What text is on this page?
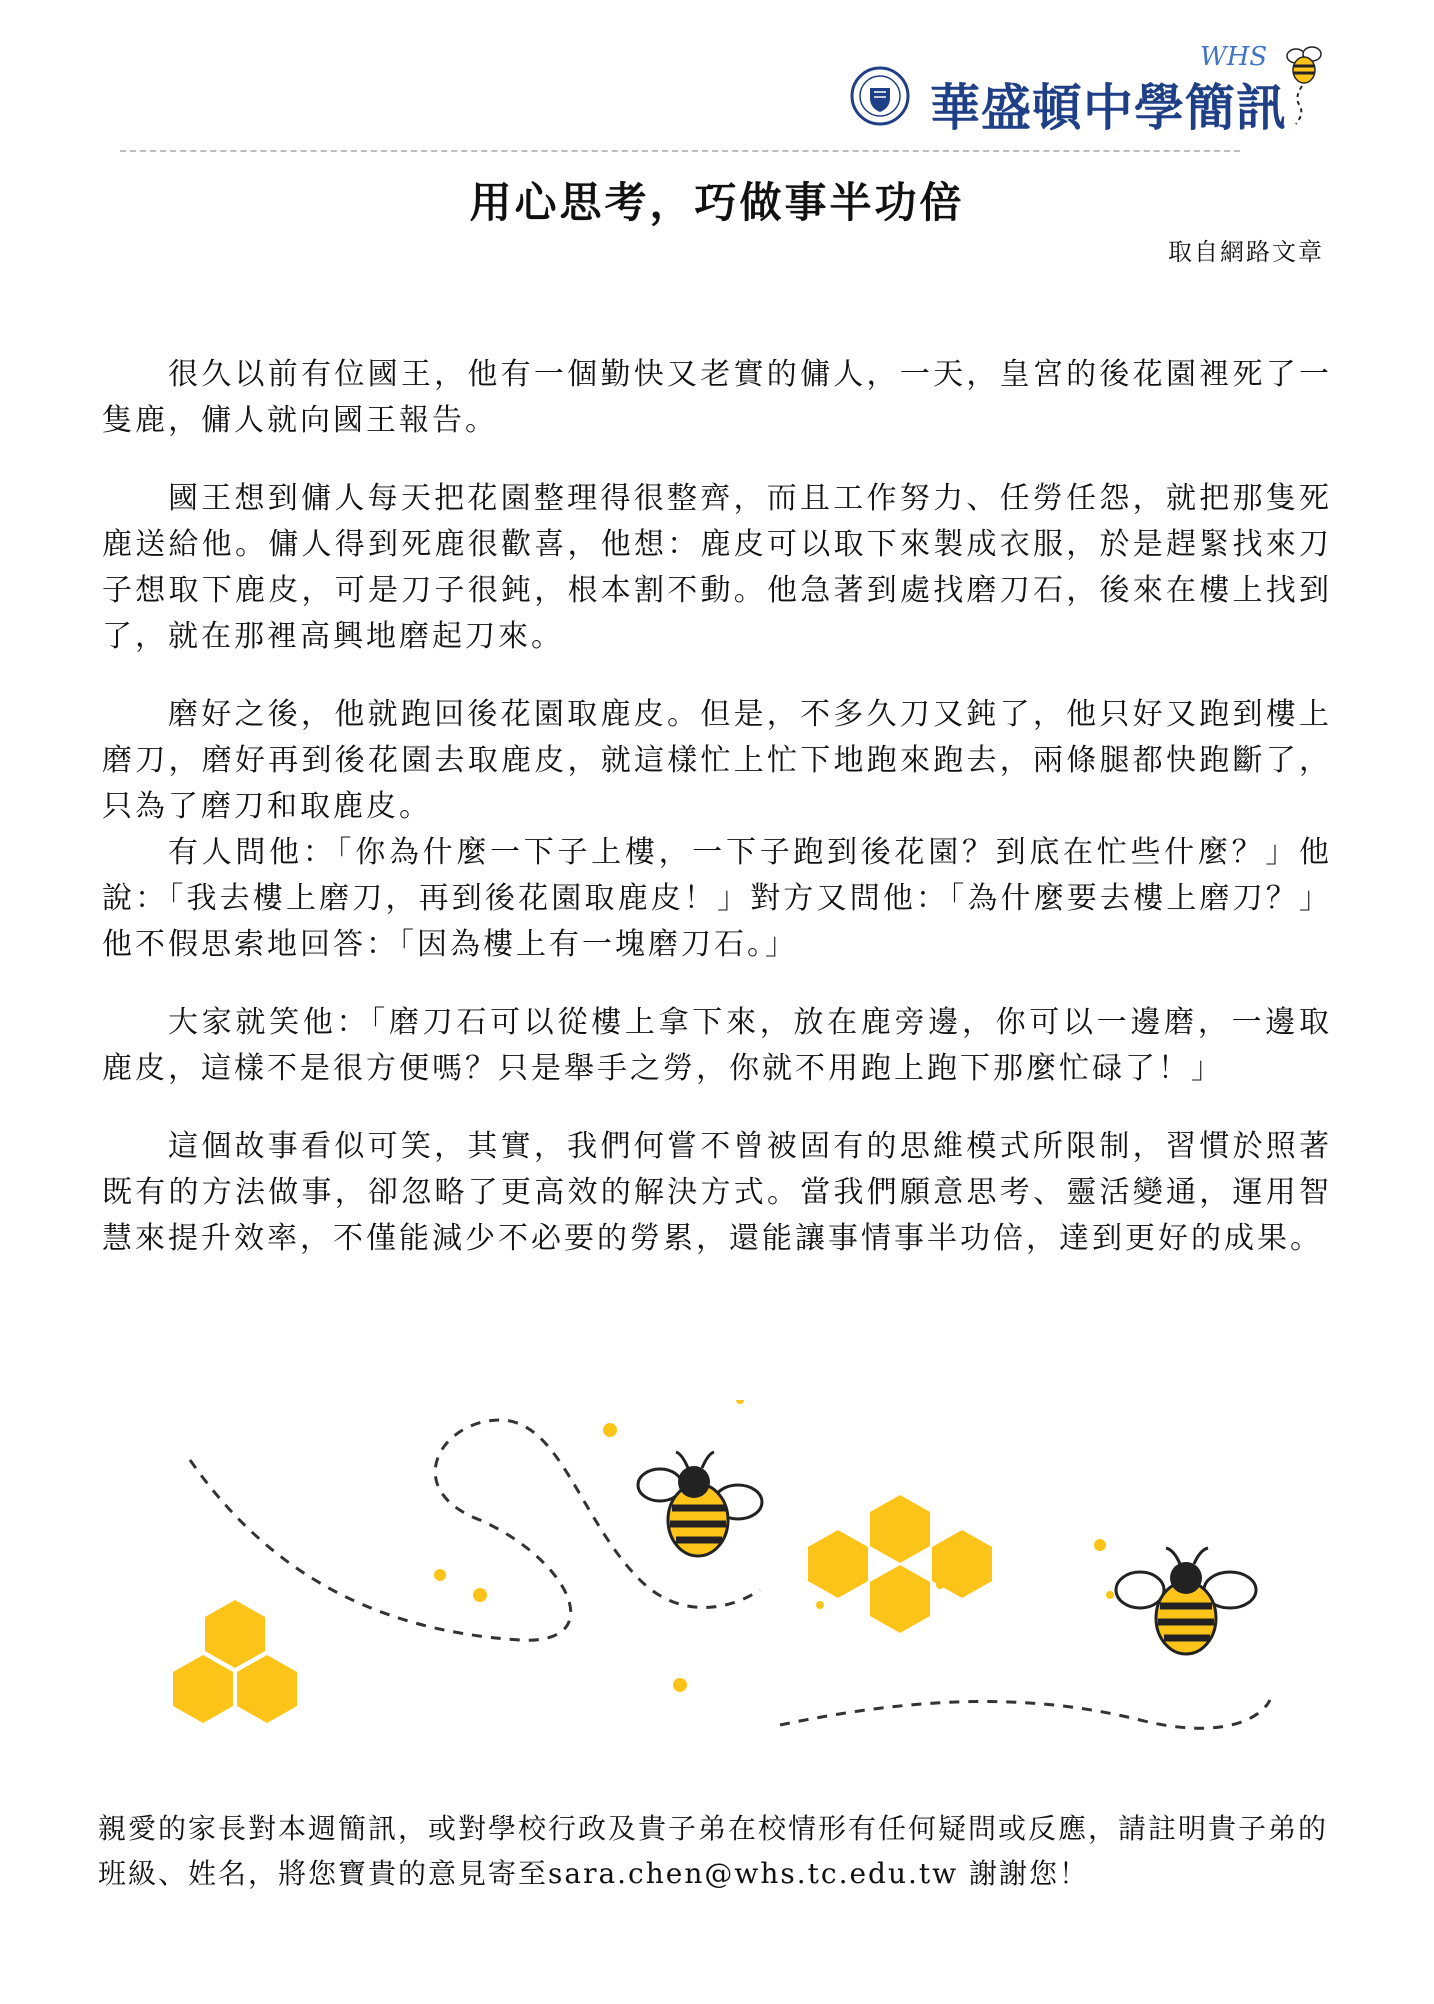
華盛頓中學簡訊
WHS
用心思考，巧做事半功倍
取自網路文章

很久以前有位國王，他有一個勤快又老實的傭人，一天，皇宮的後花園裡死了一隻鹿，傭人就向國王報告。

國王想到傭人每天把花園整理得很整齊，而且工作努力、任勞任怨，就把那隻死鹿送給他。傭人得到死鹿很歡喜，他想：鹿皮可以取下來製成衣服，於是趕緊找來刀子想取下鹿皮，可是刀子很鈍，根本割不動。他急著到處找磨刀石，後來在樓上找到了，就在那裡高興地磨起刀來。

磨好之後，他就跑回後花園取鹿皮。但是，不多久刀又鈍了，他只好又跑到樓上磨刀，磨好再到後花園去取鹿皮，就這樣忙上忙下地跑來跑去，兩條腿都快跑斷了，只為了磨刀和取鹿皮。

有人問他：「你為什麼一下子上樓，一下子跑到後花園？到底在忙些什麼？」他說：「我去樓上磨刀，再到後花園取鹿皮！」對方又問他：「為什麼要去樓上磨刀？」他不假思索地回答：「因為樓上有一塊磨刀石。」

大家就笑他：「磨刀石可以從樓上拿下來，放在鹿旁邊，你可以一邊磨，一邊取鹿皮，這樣不是很方便嗎？只是舉手之勞，你就不用跑上跑下那麼忙碌了！」

這個故事看似可笑，其實，我們何嘗不曾被固有的思維模式所限制，習慣於照著既有的方法做事，卻忽略了更高效的解決方式。當我們願意思考、靈活變通，運用智慧來提升效率，不僅能減少不必要的勞累，還能讓事情事半功倍，達到更好的成果。

親愛的家長對本週簡訊，或對學校行政及貴子弟在校情形有任何疑問或反應，請註明貴子弟的班級、姓名，將您寶貴的意見寄至sara.chen@whs.tc.edu.tw 謝謝您！
